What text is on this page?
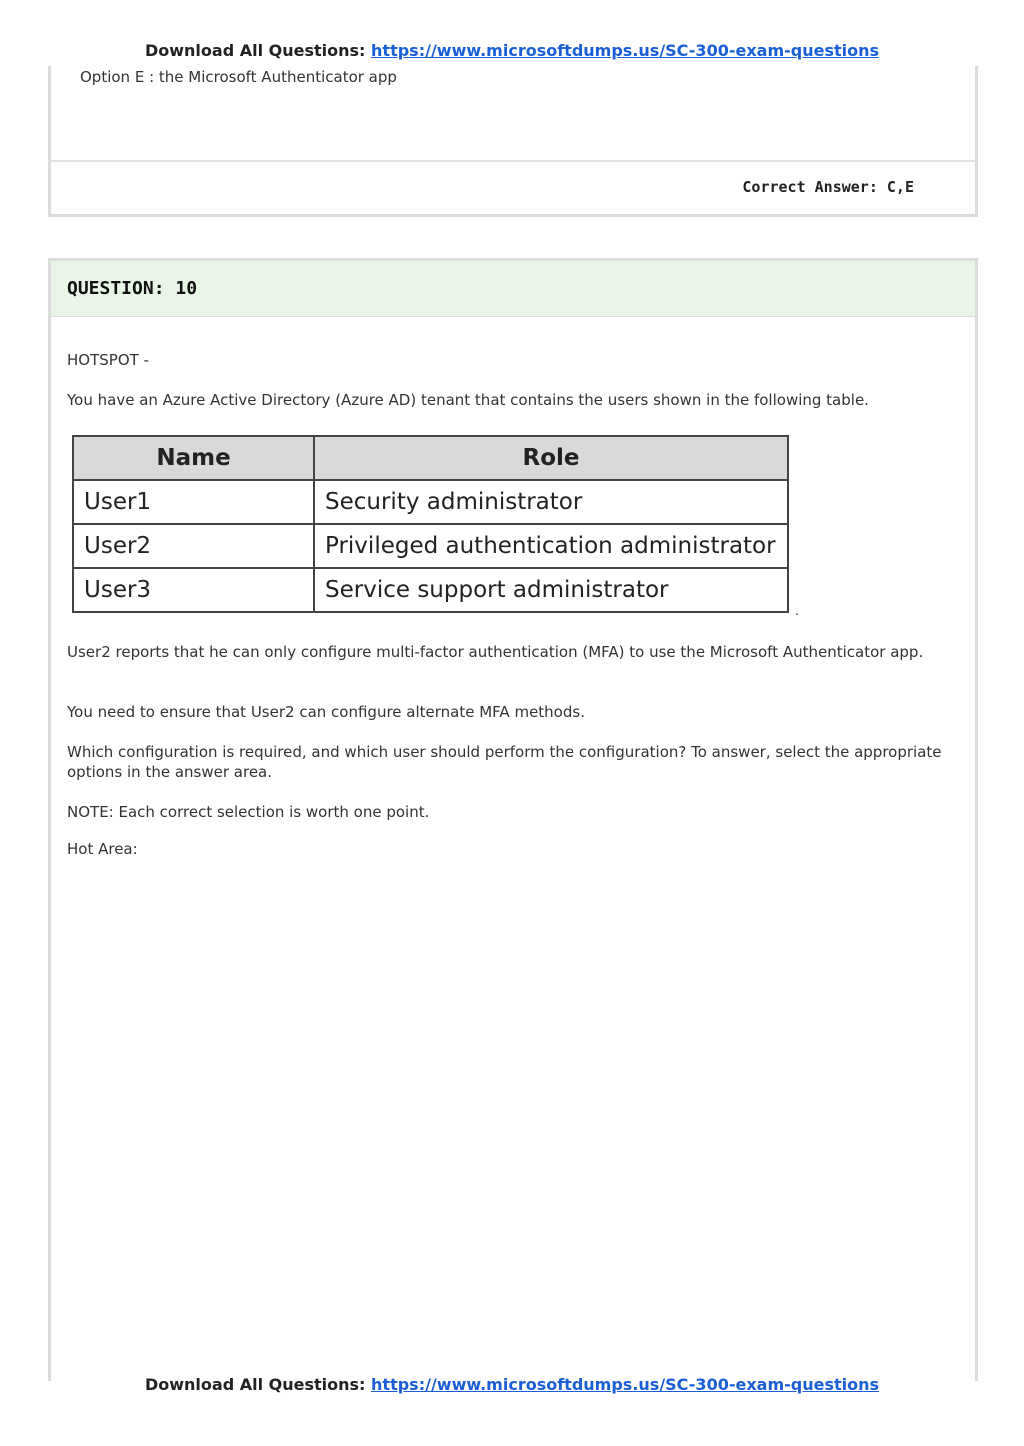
Download All Questions: https://www.microsoftdumps.us/SC-300-exam-questions
Option E : the Microsoft Authenticator app
Correct Answer: C,E
QUESTION: 10
HOTSPOT -
You have an Azure Active Directory (Azure AD) tenant that contains the users shown in the following table.
User2 reports that he can only configure multi-factor authentication (MFA) to use the Microsoft Authenticator app.
You need to ensure that User2 can configure alternate MFA methods.
Which configuration is required, and which user should perform the configuration? To answer, select the appropriate options in the answer area.
NOTE: Each correct selection is worth one point.
Hot Area:
Name	Role
User1	Security administrator
User2	Privileged authentication administrator
User3	Service support administrator
.
Download All Questions: https://www.microsoftdumps.us/SC-300-exam-questions
